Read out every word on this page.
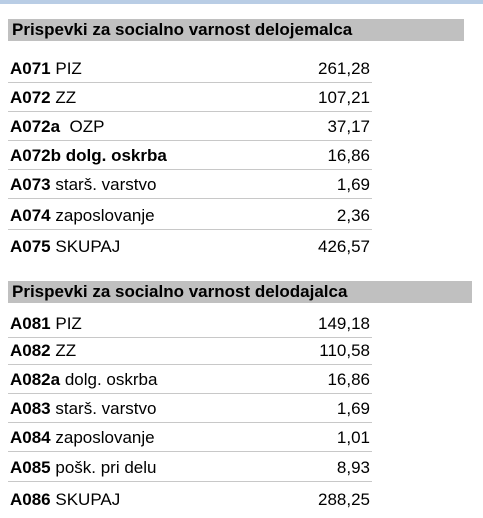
Prispevki za socialno varnost delojemalca
A071 PIZ	261,28
A072 ZZ	107,21
A072a  OZP	37,17
A072b dolg. oskrba	16,86
A073 starš. varstvo	1,69
A074 zaposlovanje	2,36
A075 SKUPAJ	426,57
Prispevki za socialno varnost delodajalca
A081 PIZ	149,18
A082 ZZ	110,58
A082a dolg. oskrba	16,86
A083 starš. varstvo	1,69
A084 zaposlovanje	1,01
A085 pošk. pri delu	8,93
A086 SKUPAJ	288,25
